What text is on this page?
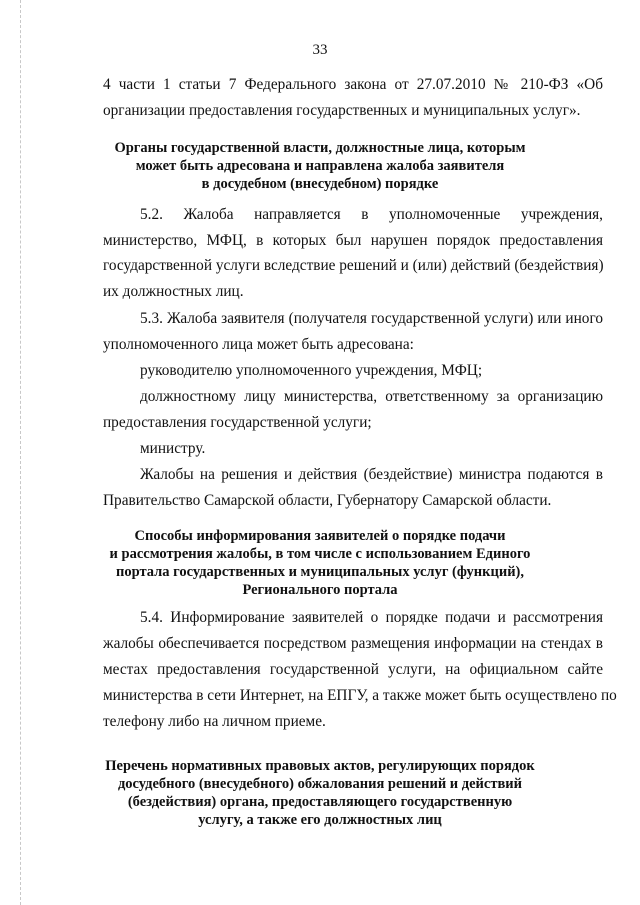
33
4 части 1 статьи 7 Федерального закона от 27.07.2010 № 210-ФЗ «Об
организации предоставления государственных и муниципальных услуг».
Органы государственной власти, должностные лица, которым
может быть адресована и направлена жалоба заявителя
в досудебном (внесудебном) порядке
5.2. Жалоба направляется в уполномоченные учреждения,
министерство, МФЦ, в которых был нарушен порядок предоставления
государственной услуги вследствие решений и (или) действий (бездействия)
их должностных лиц.
5.3. Жалоба заявителя (получателя государственной услуги) или иного
уполномоченного лица может быть адресована:
руководителю уполномоченного учреждения, МФЦ;
должностному лицу министерства, ответственному за организацию
предоставления государственной услуги;
министру.
Жалобы на решения и действия (бездействие) министра подаются в
Правительство Самарской области, Губернатору Самарской области.
Способы информирования заявителей о порядке подачи
и рассмотрения жалобы, в том числе с использованием Единого
портала государственных и муниципальных услуг (функций),
Регионального портала
5.4. Информирование заявителей о порядке подачи и рассмотрения
жалобы обеспечивается посредством размещения информации на стендах в
местах предоставления государственной услуги, на официальном сайте
министерства в сети Интернет, на ЕПГУ, а также может быть осуществлено по
телефону либо на личном приеме.
Перечень нормативных правовых актов, регулирующих порядок
досудебного (внесудебного) обжалования решений и действий
(бездействия) органа, предоставляющего государственную
услугу, а также его должностных лиц
